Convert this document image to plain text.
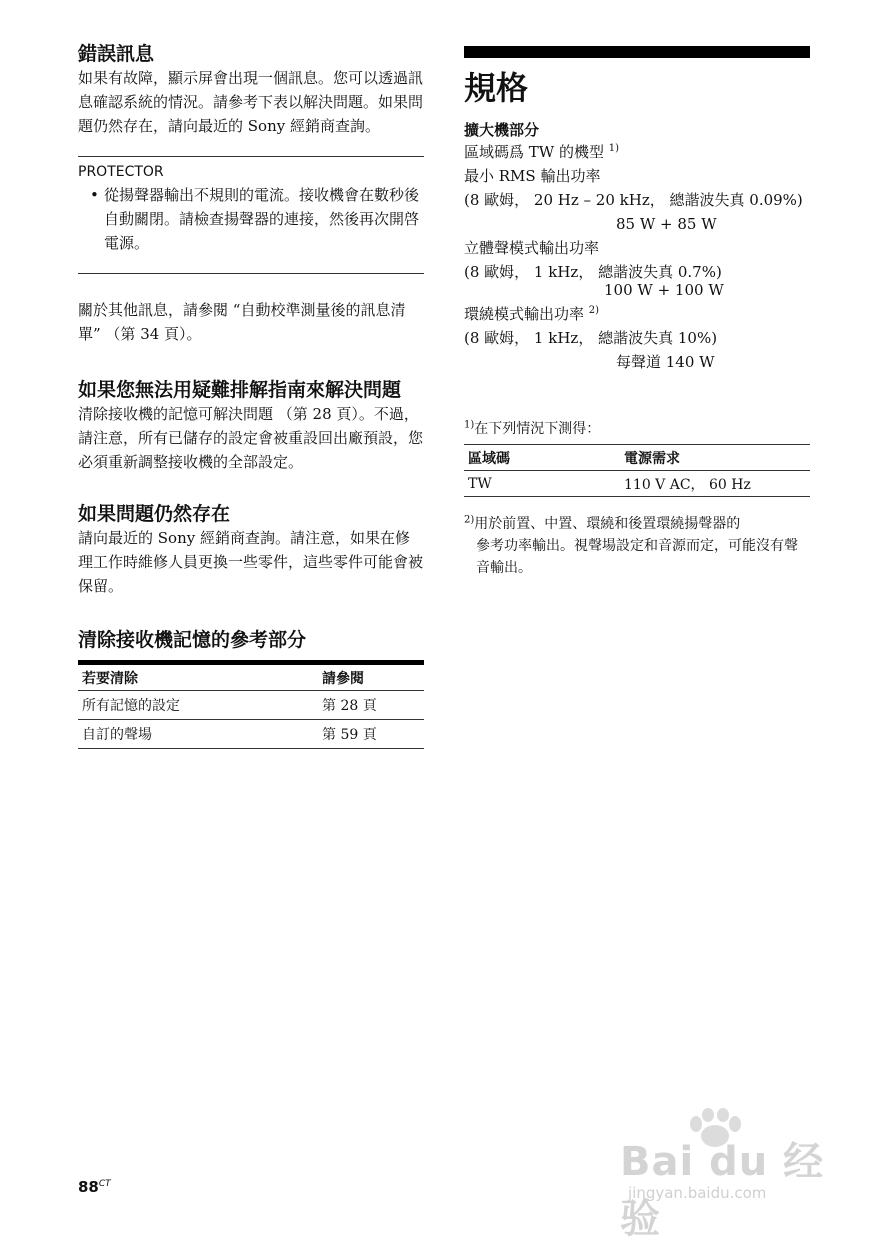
錯誤訊息

如果有故障，顯示屏會出現一個訊息。您可以透過訊息確認系統的情況。請參考下表以解決問題。如果問題仍然存在，請向最近的 Sony 經銷商查詢。

PROTECTOR
• 從揚聲器輸出不規則的電流。接收機會在數秒後自動關閉。請檢查揚聲器的連接，然後再次開啓電源。

關於其他訊息，請參閱 “自動校準測量後的訊息清單” （第 34 頁）。

如果您無法用疑難排解指南來解決問題

清除接收機的記憶可解決問題 （第 28 頁）。不過，請注意，所有已儲存的設定會被重設回出廠預設，您必須重新調整接收機的全部設定。

如果問題仍然存在

請向最近的 Sony 經銷商查詢。請注意，如果在修理工作時維修人員更換一些零件，這些零件可能會被保留。

清除接收機記憶的參考部分
若要清除	請參閱
所有記憶的設定	第 28 頁
自訂的聲場	第 59 頁
規格
擴大機部分
區域碼爲 TW 的機型 $^{1)}$
最小 RMS 輸出功率
(8 歐姆， 20 Hz – 20 kHz， 總諧波失真 0.09%)
85 W + 85 W
立體聲模式輸出功率
(8 歐姆， 1 kHz， 總諧波失真 0.7%)
100 W + 100 W
環繞模式輸出功率 $^{2)}$
(8 歐姆， 1 kHz， 總諧波失真 10%)
每聲道 140 W
$^{1)}$在下列情況下測得：
區域碼	電源需求
TW	110 V AC， 60 Hz
$^{2)}$用於前置、中置、環繞和後置環繞揚聲器的
參考功率輸出。視聲場設定和音源而定，可能沒有聲音輸出。
$88^{CT}$	Bai du 经验
jingyan.baidu.com
